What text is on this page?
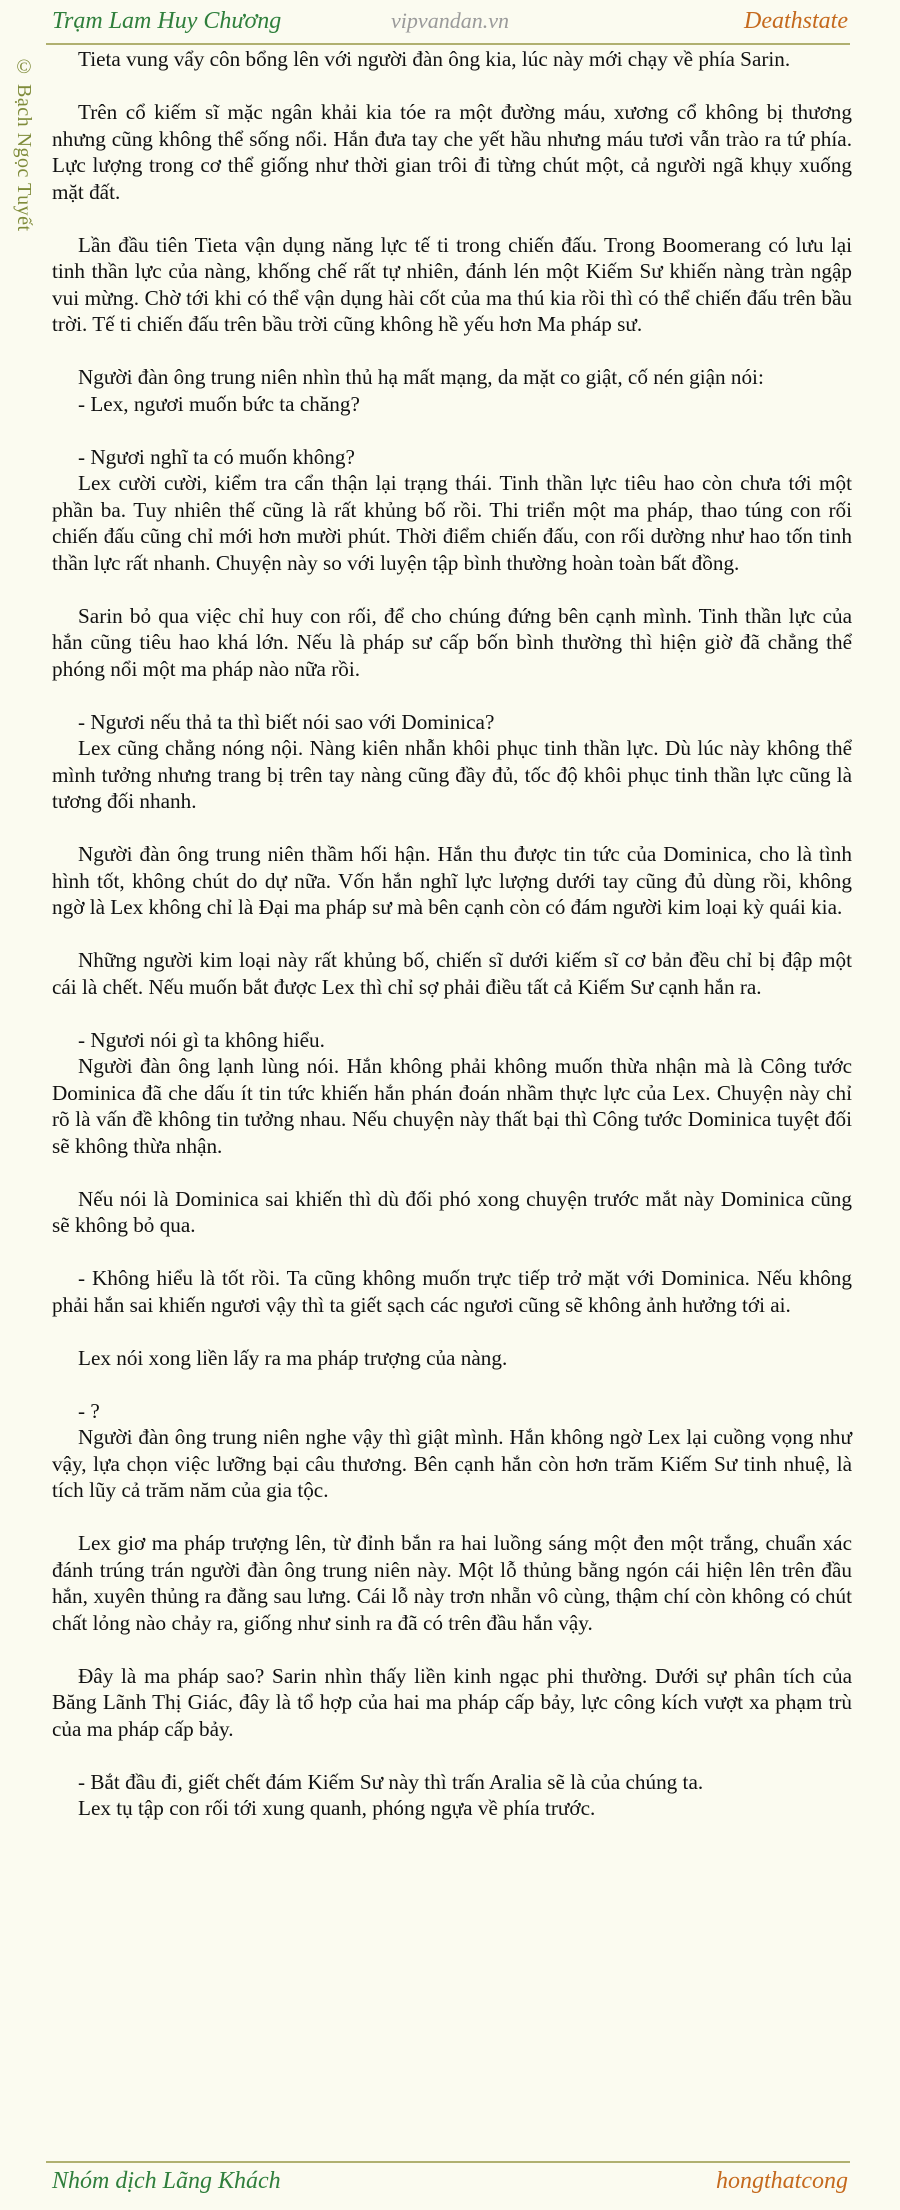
Trạm Lam Huy Chương	vipvandan.vn	Deathstate
© Bạch Ngọc Tuyết	Tieta vung vẩy côn bổng lên với người đàn ông kia, lúc này mới chạy về phía Sarin.

Trên cổ kiếm sĩ mặc ngân khải kia tóe ra một đường máu, xương cổ không bị thương nhưng cũng không thể sống nổi. Hắn đưa tay che yết hầu nhưng máu tươi vẫn trào ra tứ phía. Lực lượng trong cơ thể giống như thời gian trôi đi từng chút một, cả người ngã khụy xuống mặt đất.

Lần đầu tiên Tieta vận dụng năng lực tế ti trong chiến đấu. Trong Boomerang có lưu lại tinh thần lực của nàng, khống chế rất tự nhiên, đánh lén một Kiếm Sư khiến nàng tràn ngập vui mừng. Chờ tới khi có thể vận dụng hài cốt của ma thú kia rồi thì có thể chiến đấu trên bầu trời. Tế ti chiến đấu trên bầu trời cũng không hề yếu hơn Ma pháp sư.

Người đàn ông trung niên nhìn thủ hạ mất mạng, da mặt co giật, cố nén giận nói:

- Lex, ngươi muốn bức ta chăng?

- Ngươi nghĩ ta có muốn không?

Lex cười cười, kiểm tra cẩn thận lại trạng thái. Tinh thần lực tiêu hao còn chưa tới một phần ba. Tuy nhiên thế cũng là rất khủng bố rồi. Thi triển một ma pháp, thao túng con rối chiến đấu cũng chỉ mới hơn mười phút. Thời điểm chiến đấu, con rối dường như hao tốn tinh thần lực rất nhanh. Chuyện này so với luyện tập bình thường hoàn toàn bất đồng.

Sarin bỏ qua việc chỉ huy con rối, để cho chúng đứng bên cạnh mình. Tinh thần lực của hắn cũng tiêu hao khá lớn. Nếu là pháp sư cấp bốn bình thường thì hiện giờ đã chẳng thể phóng nổi một ma pháp nào nữa rồi.

- Ngươi nếu thả ta thì biết nói sao với Dominica?

Lex cũng chẳng nóng nội. Nàng kiên nhẫn khôi phục tinh thần lực. Dù lúc này không thể mình tưởng nhưng trang bị trên tay nàng cũng đầy đủ, tốc độ khôi phục tinh thần lực cũng là tương đối nhanh.

Người đàn ông trung niên thầm hối hận. Hắn thu được tin tức của Dominica, cho là tình hình tốt, không chút do dự nữa. Vốn hắn nghĩ lực lượng dưới tay cũng đủ dùng rồi, không ngờ là Lex không chỉ là Đại ma pháp sư mà bên cạnh còn có đám người kim loại kỳ quái kia.

Những người kim loại này rất khủng bố, chiến sĩ dưới kiếm sĩ cơ bản đều chỉ bị đập một cái là chết. Nếu muốn bắt được Lex thì chỉ sợ phải điều tất cả Kiếm Sư cạnh hắn ra.

- Ngươi nói gì ta không hiểu.

Người đàn ông lạnh lùng nói. Hắn không phải không muốn thừa nhận mà là Công tước Dominica đã che dấu ít tin tức khiến hắn phán đoán nhầm thực lực của Lex. Chuyện này chỉ rõ là vấn đề không tin tưởng nhau. Nếu chuyện này thất bại thì Công tước Dominica tuyệt đối sẽ không thừa nhận.

Nếu nói là Dominica sai khiến thì dù đối phó xong chuyện trước mắt này Dominica cũng sẽ không bỏ qua.

- Không hiểu là tốt rồi. Ta cũng không muốn trực tiếp trở mặt với Dominica. Nếu không phải hắn sai khiến ngươi vậy thì ta giết sạch các ngươi cũng sẽ không ảnh hưởng tới ai.

Lex nói xong liền lấy ra ma pháp trượng của nàng.

- ?

Người đàn ông trung niên nghe vậy thì giật mình. Hắn không ngờ Lex lại cuồng vọng như vậy, lựa chọn việc lưỡng bại câu thương. Bên cạnh hắn còn hơn trăm Kiếm Sư tinh nhuệ, là tích lũy cả trăm năm của gia tộc.

Lex giơ ma pháp trượng lên, từ đỉnh bắn ra hai luồng sáng một đen một trắng, chuẩn xác đánh trúng trán người đàn ông trung niên này. Một lỗ thủng bằng ngón cái hiện lên trên đầu hắn, xuyên thủng ra đằng sau lưng. Cái lỗ này trơn nhẵn vô cùng, thậm chí còn không có chút chất lỏng nào chảy ra, giống như sinh ra đã có trên đầu hắn vậy.

Đây là ma pháp sao? Sarin nhìn thấy liền kinh ngạc phi thường. Dưới sự phân tích của Băng Lãnh Thị Giác, đây là tổ hợp của hai ma pháp cấp bảy, lực công kích vượt xa phạm trù của ma pháp cấp bảy.

- Bắt đầu đi, giết chết đám Kiếm Sư này thì trấn Aralia sẽ là của chúng ta.

Lex tụ tập con rối tới xung quanh, phóng ngựa về phía trước.

Nhóm dịch Lãng Khách	hongthatcong
